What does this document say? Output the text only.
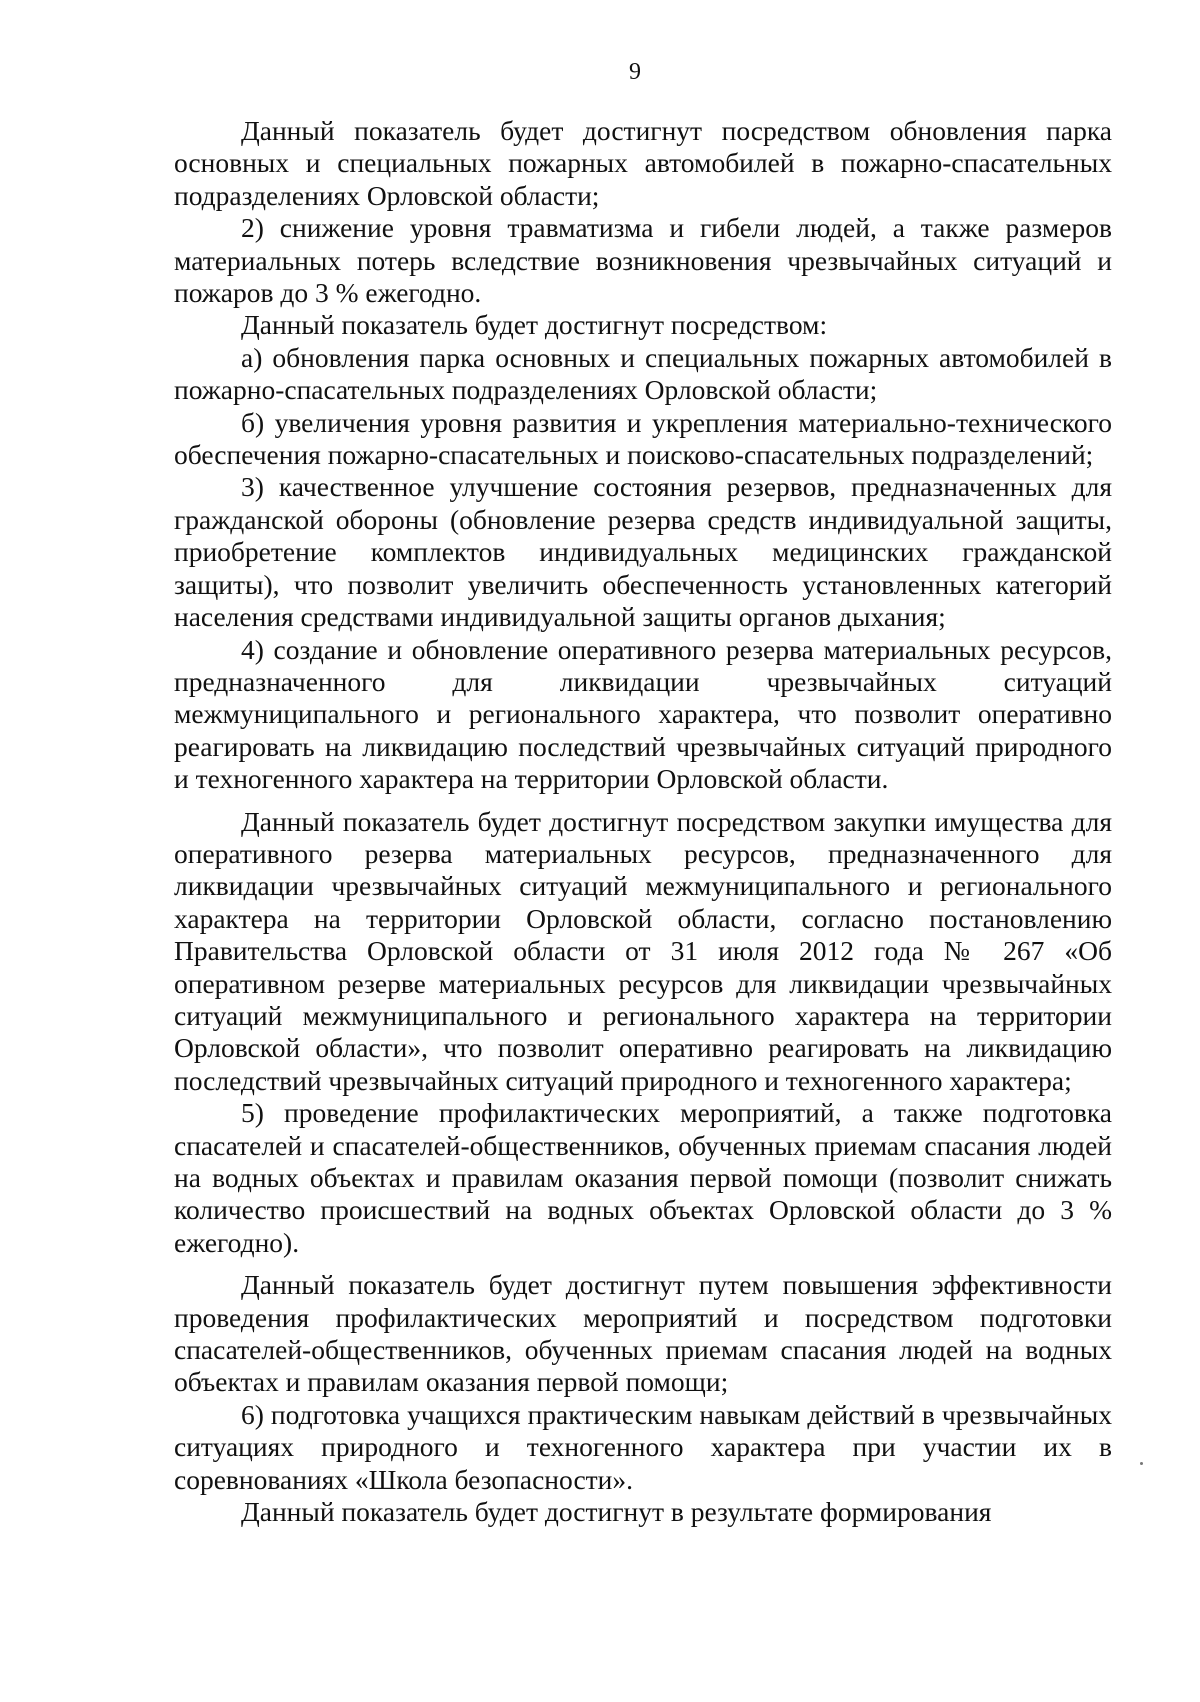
9

Данный показатель будет достигнут посредством обновления парка основных и специальных пожарных автомобилей в пожарно-спасательных подразделениях Орловской области;

2) снижение уровня травматизма и гибели людей, а также размеров материальных потерь вследствие возникновения чрезвычайных ситуаций и пожаров до 3 % ежегодно.

Данный показатель будет достигнут посредством:

а) обновления парка основных и специальных пожарных автомобилей в пожарно-спасательных подразделениях Орловской области;

б) увеличения уровня развития и укрепления материально-технического обеспечения пожарно-спасательных и поисково-спасательных подразделений;

3) качественное улучшение состояния резервов, предназначенных для гражданской обороны (обновление резерва средств индивидуальной защиты, приобретение комплектов индивидуальных медицинских гражданской защиты), что позволит увеличить обеспеченность установленных категорий населения средствами индивидуальной защиты органов дыхания;

4) создание и обновление оперативного резерва материальных ресурсов, предназначенного для ликвидации чрезвычайных ситуаций межмуниципального и регионального характера, что позволит оперативно реагировать на ликвидацию последствий чрезвычайных ситуаций природного и техногенного характера на территории Орловской области.

Данный показатель будет достигнут посредством закупки имущества для оперативного резерва материальных ресурсов, предназначенного для ликвидации чрезвычайных ситуаций межмуниципального и регионального характера на территории Орловской области, согласно постановлению Правительства Орловской области от 31 июля 2012 года № 267 «Об оперативном резерве материальных ресурсов для ликвидации чрезвычайных ситуаций межмуниципального и регионального характера на территории Орловской области», что позволит оперативно реагировать на ликвидацию последствий чрезвычайных ситуаций природного и техногенного характера;

5) проведение профилактических мероприятий, а также подготовка спасателей и спасателей-общественников, обученных приемам спасания людей на водных объектах и правилам оказания первой помощи (позволит снижать количество происшествий на водных объектах Орловской области до 3 % ежегодно).

Данный показатель будет достигнут путем повышения эффективности проведения профилактических мероприятий и посредством подготовки спасателей-общественников, обученных приемам спасания людей на водных объектах и правилам оказания первой помощи;

6) подготовка учащихся практическим навыкам действий в чрезвычайных ситуациях природного и техногенного характера при участии их в соревнованиях «Школа безопасности».

Данный показатель будет достигнут в результате формирования
